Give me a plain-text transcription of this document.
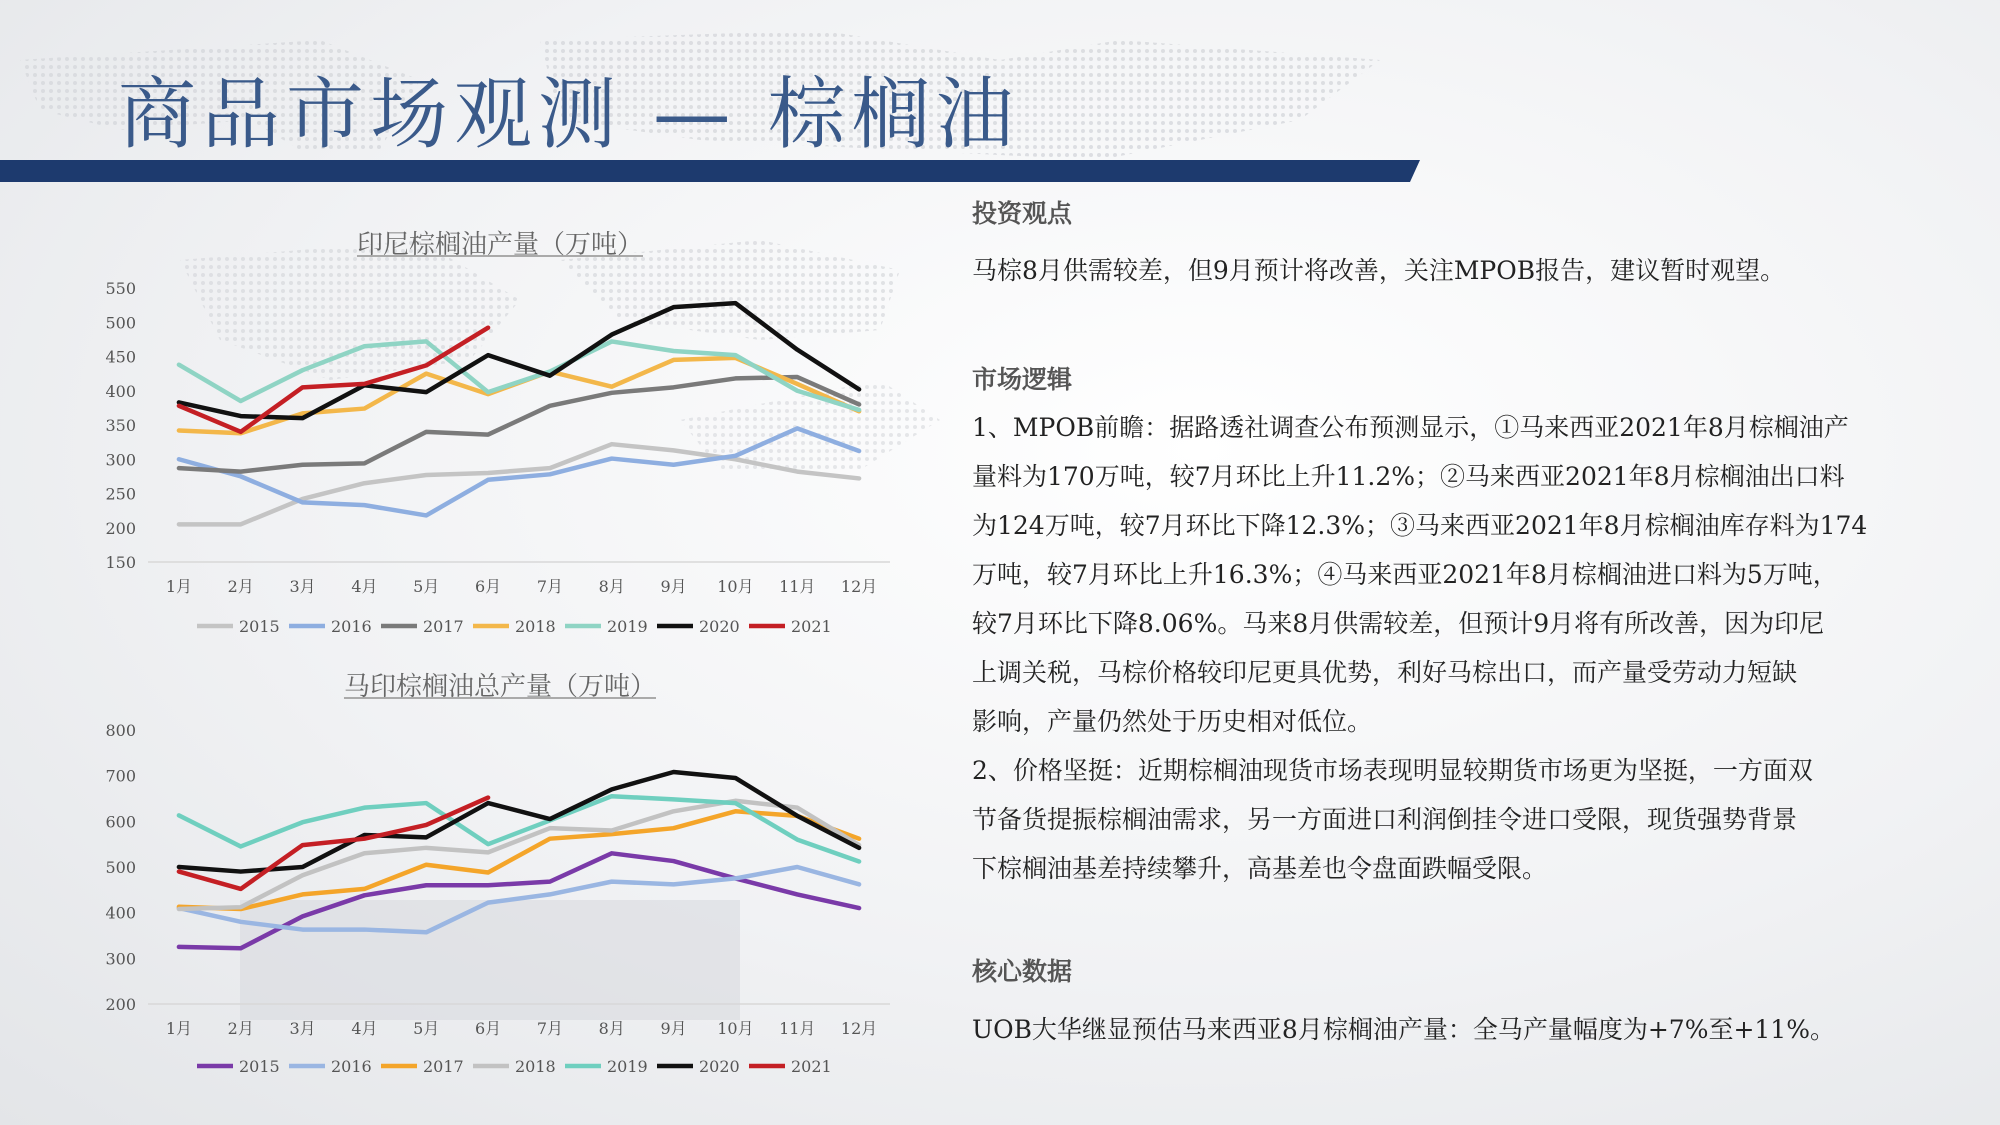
商品市场观测 — 棕榈油
印尼棕榈油产量（万吨）
150
200
250
300
350
400
450
500
550
1月 2月 3月 4月 5月 6月 7月 8月 9月 10月 11月 12月
2015	2016	2017	2018	2019	2020	2021
马印棕榈油总产量（万吨）
200
300
400
500
600
700
800
1月 2月 3月 4月 5月 6月 7月 8月 9月 10月 11月 12月
2015	2016	2017	2018	2019	2020	2021

投资观点

马棕8月供需较差，但9月预计将改善，关注MPOB报告，建议暂时观望。

市场逻辑

1、MPOB前瞻：据路透社调查公布预测显示，①马来西亚2021年8月棕榈油产

量料为170万吨，较7月环比上升11.2%；②马来西亚2021年8月棕榈油出口料

为124万吨，较7月环比下降12.3%；③马来西亚2021年8月棕榈油库存料为174

万吨，较7月环比上升16.3%；④马来西亚2021年8月棕榈油进口料为5万吨，

较7月环比下降8.06%。马来8月供需较差，但预计9月将有所改善，因为印尼

上调关税，马棕价格较印尼更具优势，利好马棕出口，而产量受劳动力短缺

影响，产量仍然处于历史相对低位。

2、价格坚挺：近期棕榈油现货市场表现明显较期货市场更为坚挺，一方面双

节备货提振棕榈油需求，另一方面进口利润倒挂令进口受限，现货强势背景

下棕榈油基差持续攀升，高基差也令盘面跌幅受限。

核心数据

UOB大华继显预估马来西亚8月棕榈油产量：全马产量幅度为+7%至+11%。
